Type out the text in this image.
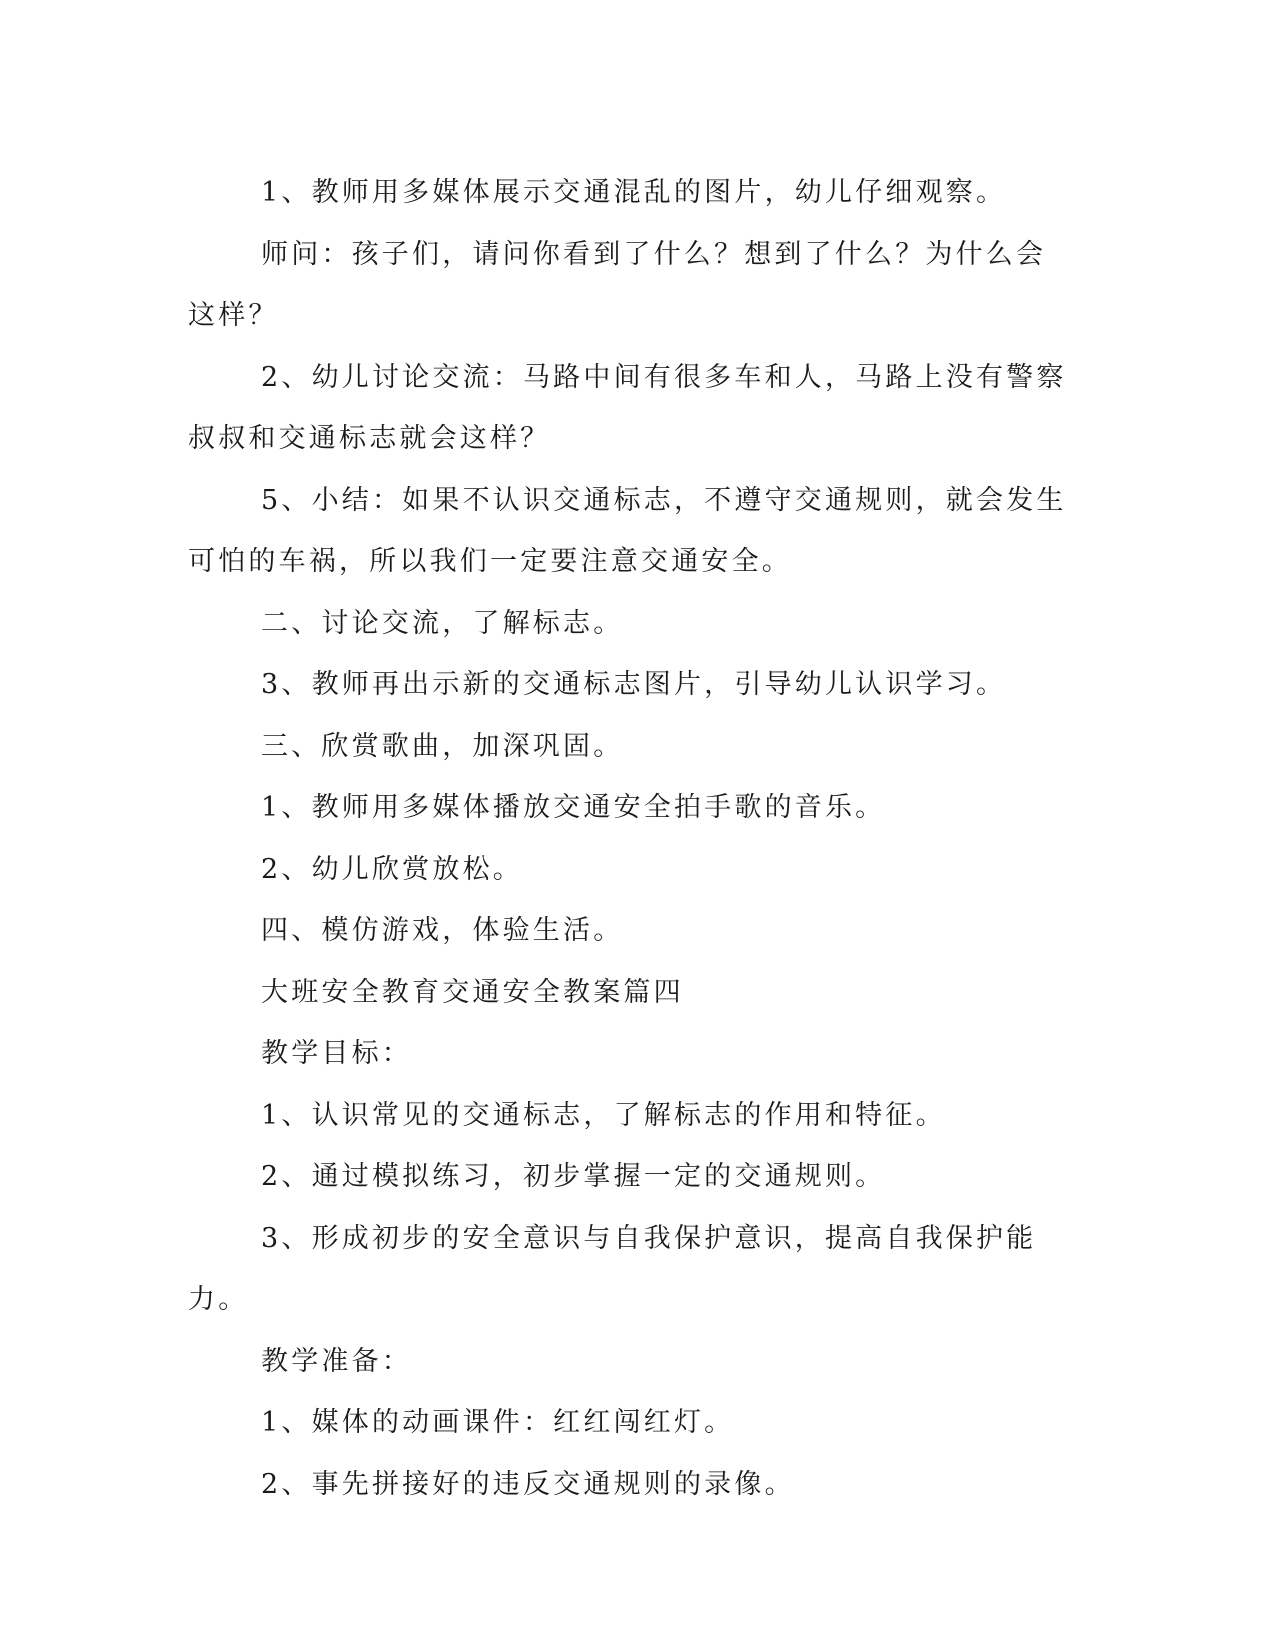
1、教师用多媒体展示交通混乱的图片，幼儿仔细观察。

师问：孩子们，请问你看到了什么？想到了什么？为什么会这样？

2、幼儿讨论交流：马路中间有很多车和人，马路上没有警察叔叔和交通标志就会这样？

5、小结：如果不认识交通标志，不遵守交通规则，就会发生可怕的车祸，所以我们一定要注意交通安全。

二、讨论交流，了解标志。

3、教师再出示新的交通标志图片，引导幼儿认识学习。

三、欣赏歌曲，加深巩固。

1、教师用多媒体播放交通安全拍手歌的音乐。

2、幼儿欣赏放松。

四、模仿游戏，体验生活。

大班安全教育交通安全教案篇四

教学目标：

1、认识常见的交通标志，了解标志的作用和特征。

2、通过模拟练习，初步掌握一定的交通规则。

3、形成初步的安全意识与自我保护意识，提高自我保护能力。

教学准备：

1、媒体的动画课件：红红闯红灯。

2、事先拼接好的违反交通规则的录像。
